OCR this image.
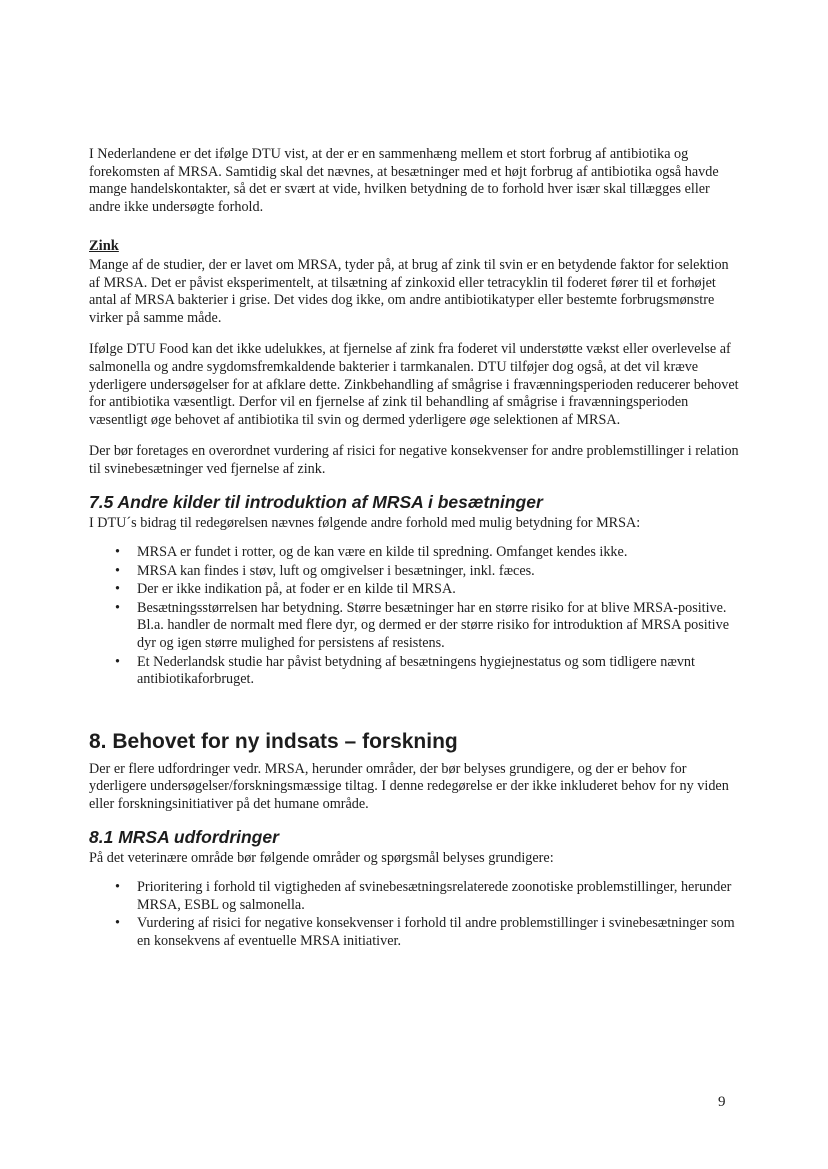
I Nederlandene er det ifølge DTU vist, at der er en sammenhæng mellem et stort forbrug af antibiotika og forekomsten af MRSA. Samtidig skal det nævnes, at besætninger med et højt forbrug af antibiotika også havde mange handelskontakter, så det er svært at vide, hvilken betydning de to forhold hver især skal tillægges eller andre ikke undersøgte forhold.

Zink

Mange af de studier, der er lavet om MRSA, tyder på, at brug af zink til svin er en betydende faktor for selektion af MRSA. Det er påvist eksperimentelt, at tilsætning af zinkoxid eller tetracyklin til foderet fører til et forhøjet antal af MRSA bakterier i grise. Det vides dog ikke, om andre antibiotikatyper eller bestemte forbrugsmønstre virker på samme måde.

Ifølge DTU Food kan det ikke udelukkes, at fjernelse af zink fra foderet vil understøtte vækst eller overlevelse af salmonella og andre sygdomsfremkaldende bakterier i tarmkanalen. DTU tilføjer dog også, at det vil kræve yderligere undersøgelser for at afklare dette. Zinkbehandling af smågrise i fravænningsperioden reducerer behovet for antibiotika væsentligt. Derfor vil en fjernelse af zink til behandling af smågrise i fravænningsperioden væsentligt øge behovet af antibiotika til svin og dermed yderligere øge selektionen af MRSA.

Der bør foretages en overordnet vurdering af risici for negative konsekvenser for andre problemstillinger i relation til svinebesætninger ved fjernelse af zink.

7.5 Andre kilder til introduktion af MRSA i besætninger

I DTU´s bidrag til redegørelsen nævnes følgende andre forhold med mulig betydning for MRSA:

• MRSA er fundet i rotter, og de kan være en kilde til spredning. Omfanget kendes ikke.
• MRSA kan findes i støv, luft og omgivelser i besætninger, inkl. fæces.
• Der er ikke indikation på, at foder er en kilde til MRSA.
• Besætningsstørrelsen har betydning. Større besætninger har en større risiko for at blive MRSA-positive. Bl.a. handler de normalt med flere dyr, og dermed er der større risiko for introduktion af MRSA positive dyr og igen større mulighed for persistens af resistens.
• Et Nederlandsk studie har påvist betydning af besætningens hygiejnestatus og som tidligere nævnt antibiotikaforbruget.
8. Behovet for ny indsats – forskning

Der er flere udfordringer vedr. MRSA, herunder områder, der bør belyses grundigere, og der er behov for yderligere undersøgelser/forskningsmæssige tiltag. I denne redegørelse er der ikke inkluderet behov for ny viden eller forskningsinitiativer på det humane område.

8.1 MRSA udfordringer

På det veterinære område bør følgende områder og spørgsmål belyses grundigere:

• Prioritering i forhold til vigtigheden af svinebesætningsrelaterede zoonotiske problemstillinger, herunder MRSA, ESBL og salmonella.
• Vurdering af risici for negative konsekvenser i forhold til andre problemstillinger i svinebesætninger som en konsekvens af eventuelle MRSA initiativer.
9
